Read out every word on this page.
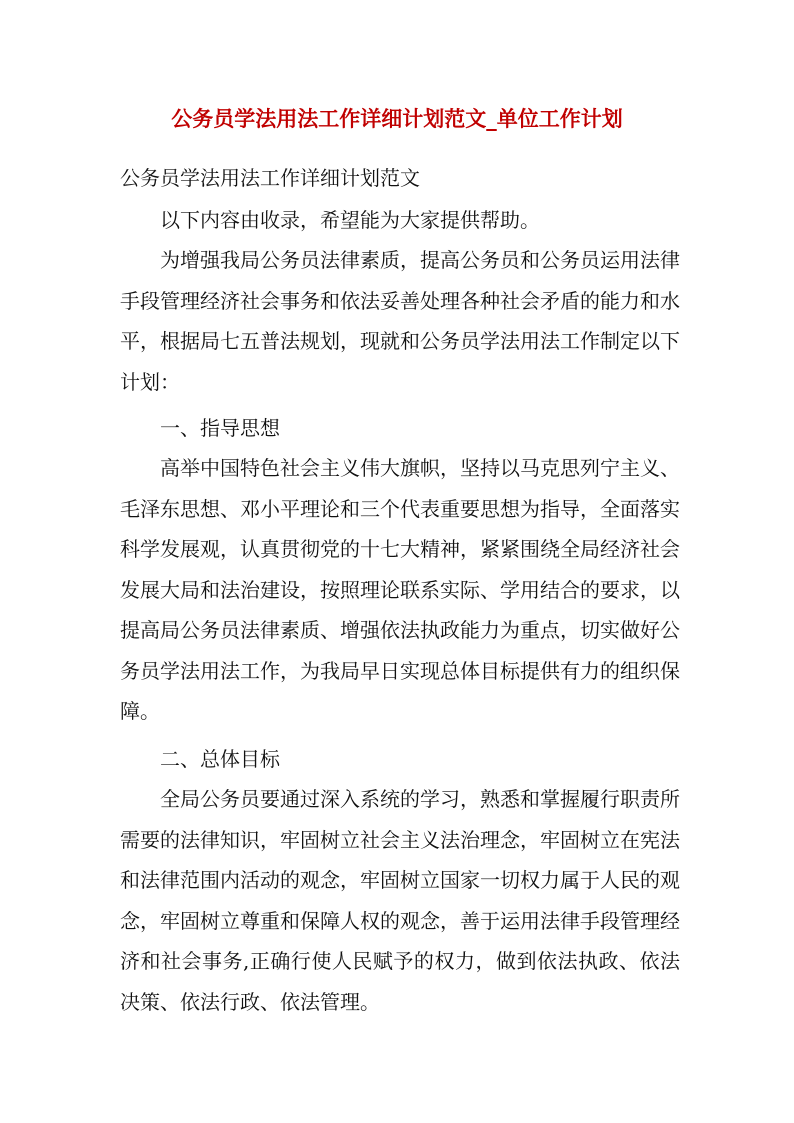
公务员学法用法工作详细计划范文_单位工作计划
公务员学法用法工作详细计划范文

以下内容由收录，希望能为大家提供帮助。

为增强我局公务员法律素质，提高公务员和公务员运用法律手段管理经济社会事务和依法妥善处理各种社会矛盾的能力和水平，根据局七五普法规划，现就和公务员学法用法工作制定以下计划：

一、指导思想

高举中国特色社会主义伟大旗帜，坚持以马克思列宁主义、毛泽东思想、邓小平理论和三个代表重要思想为指导，全面落实科学发展观，认真贯彻党的十七大精神，紧紧围绕全局经济社会发展大局和法治建设，按照理论联系实际、学用结合的要求，以提高局公务员法律素质、增强依法执政能力为重点，切实做好公务员学法用法工作，为我局早日实现总体目标提供有力的组织保障。

二、总体目标

全局公务员要通过深入系统的学习，熟悉和掌握履行职责所需要的法律知识，牢固树立社会主义法治理念，牢固树立在宪法和法律范围内活动的观念，牢固树立国家一切权力属于人民的观念，牢固树立尊重和保障人权的观念，善于运用法律手段管理经济和社会事务,正确行使人民赋予的权力，做到依法执政、依法决策、依法行政、依法管理。
